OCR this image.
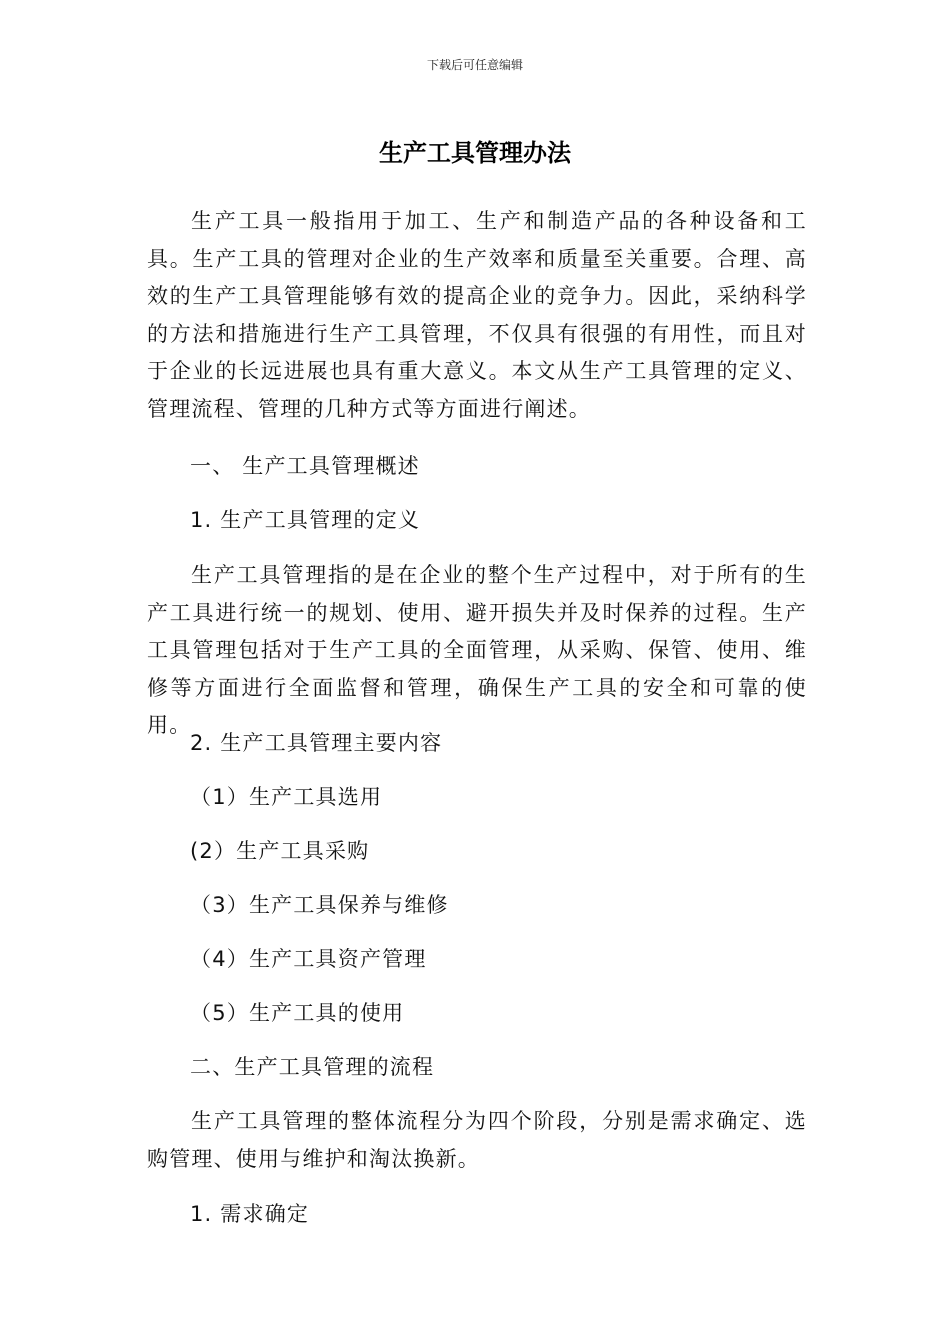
下载后可任意编辑
生产工具管理办法

生产工具一般指用于加工、生产和制造产品的各种设备和工具。生产工具的管理对企业的生产效率和质量至关重要。合理、高效的生产工具管理能够有效的提高企业的竞争力。因此，采纳科学的方法和措施进行生产工具管理，不仅具有很强的有用性，而且对于企业的长远进展也具有重大意义。本文从生产工具管理的定义、管理流程、管理的几种方式等方面进行阐述。

一、 生产工具管理概述

1. 生产工具管理的定义

生产工具管理指的是在企业的整个生产过程中，对于所有的生产工具进行统一的规划、使用、避开损失并及时保养的过程。生产工具管理包括对于生产工具的全面管理，从采购、保管、使用、维修等方面进行全面监督和管理，确保生产工具的安全和可靠的使用。

2. 生产工具管理主要内容

（1）生产工具选用

(2）生产工具采购

（3）生产工具保养与维修

（4）生产工具资产管理

（5）生产工具的使用

二、生产工具管理的流程

生产工具管理的整体流程分为四个阶段，分别是需求确定、选购管理、使用与维护和淘汰换新。

1. 需求确定
